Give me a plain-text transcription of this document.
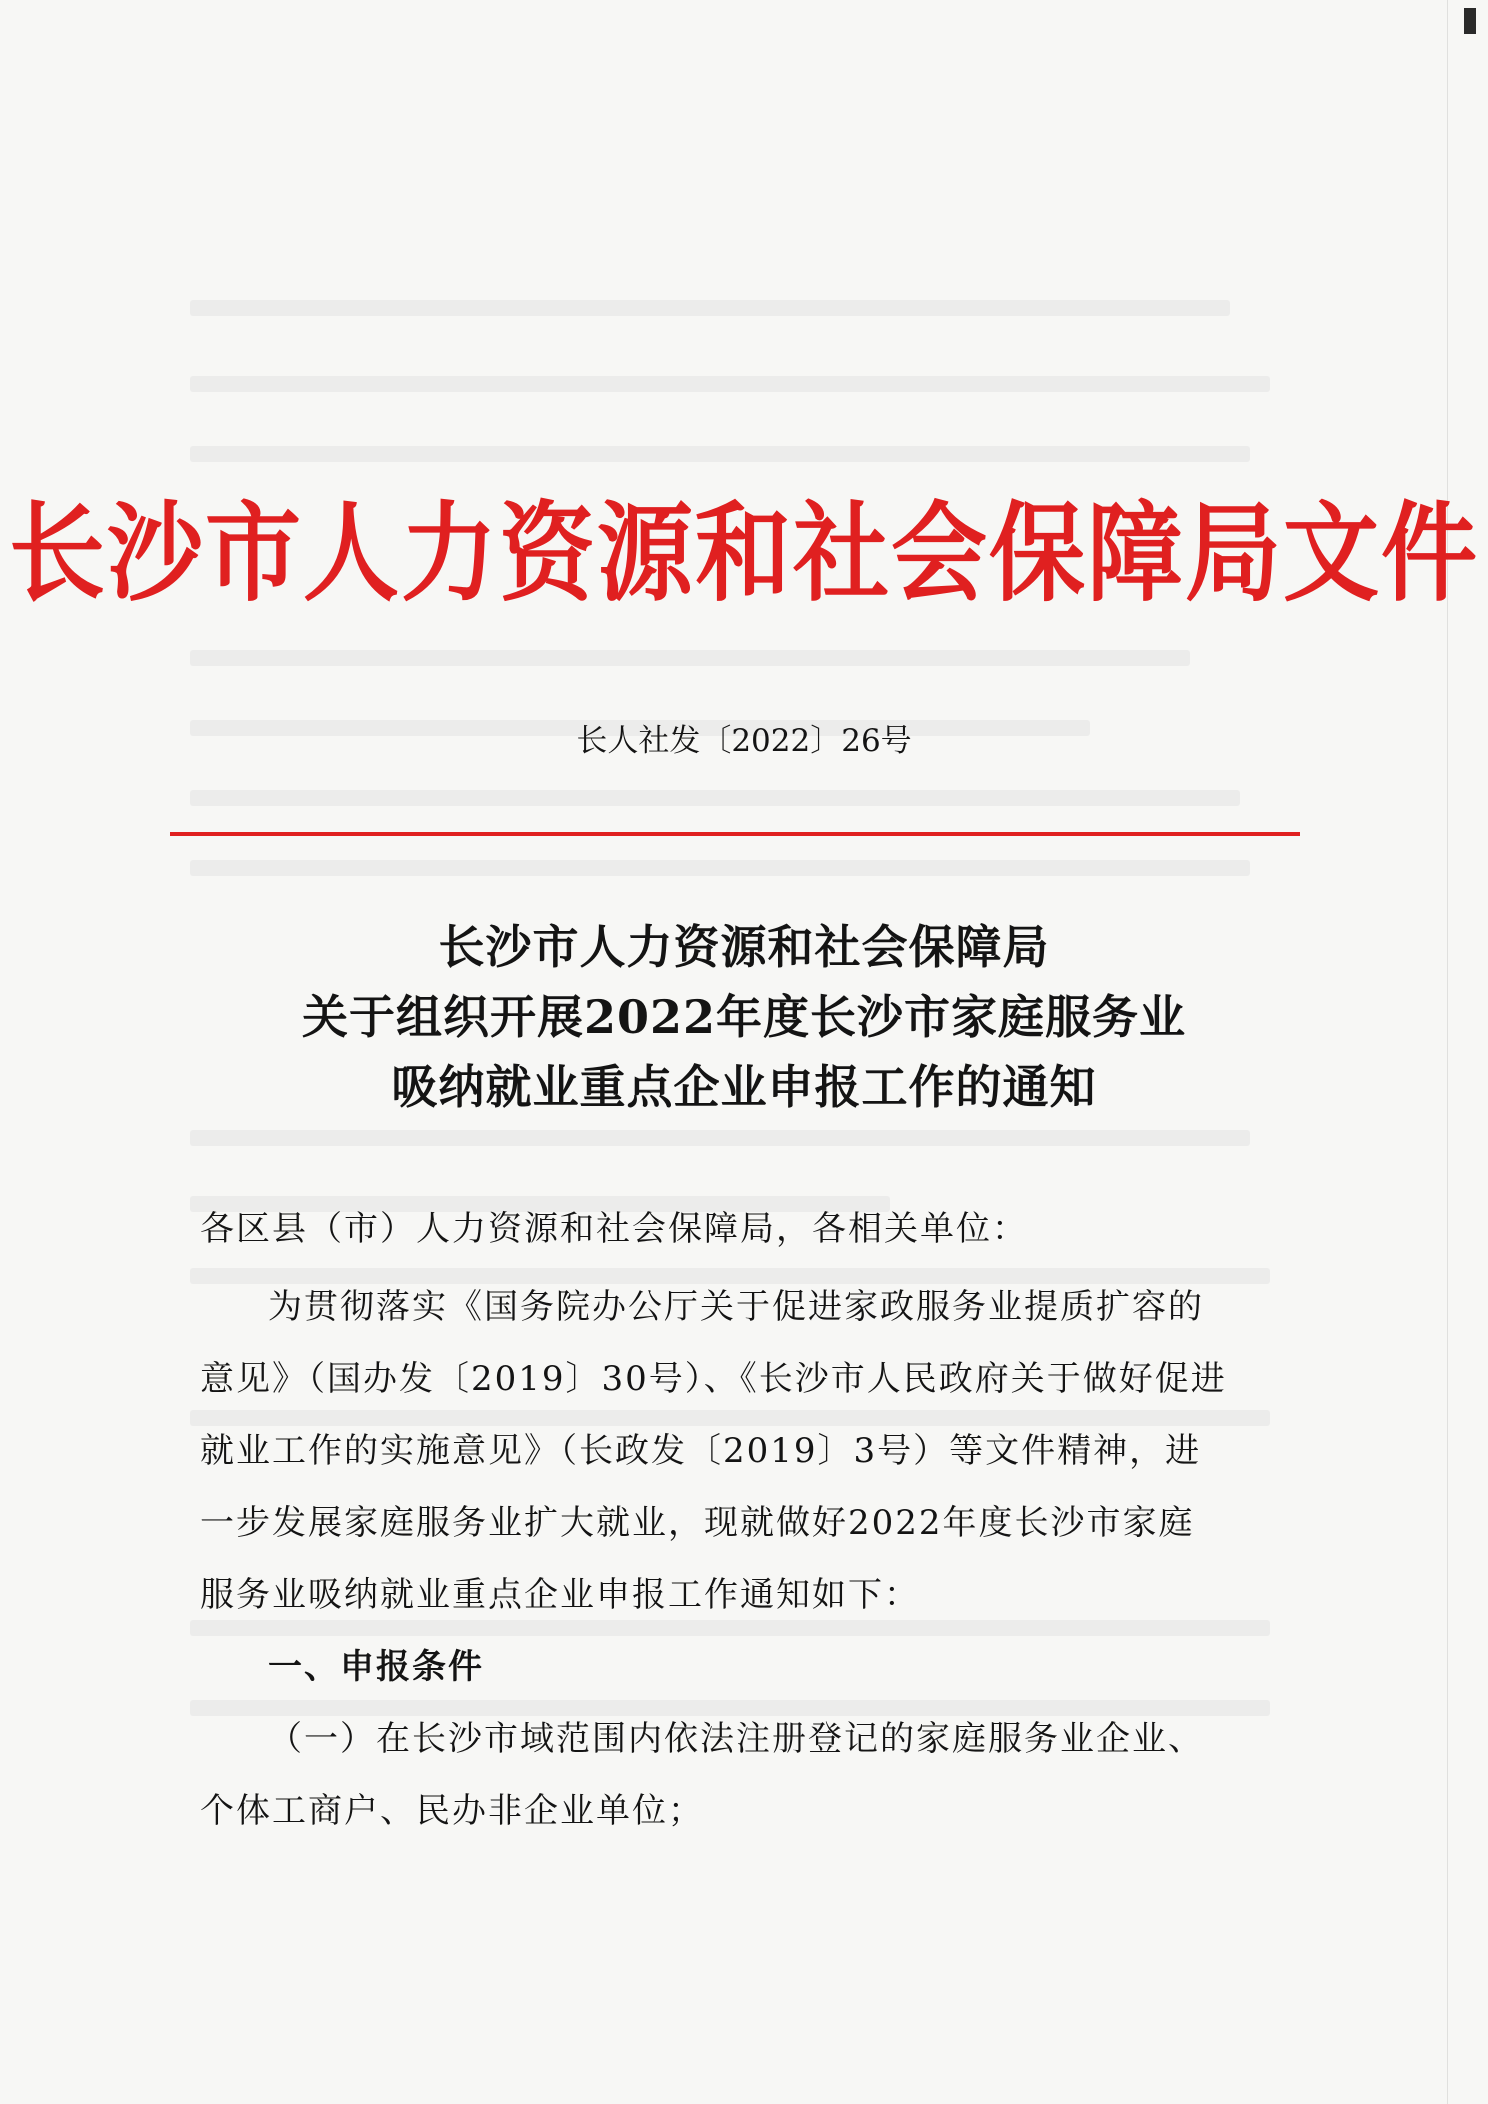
长沙市人力资源和社会保障局文件
长人社发〔2022〕26号
长沙市人力资源和社会保障局
关于组织开展2022年度长沙市家庭服务业
吸纳就业重点企业申报工作的通知
各区县（市）人力资源和社会保障局，各相关单位：
为贯彻落实《国务院办公厅关于促进家政服务业提质扩容的
意见》（国办发〔2019〕30号）、《长沙市人民政府关于做好促进
就业工作的实施意见》（长政发〔2019〕3号）等文件精神，进
一步发展家庭服务业扩大就业，现就做好2022年度长沙市家庭
服务业吸纳就业重点企业申报工作通知如下：
一、申报条件
（一）在长沙市域范围内依法注册登记的家庭服务业企业、
个体工商户、民办非企业单位；
